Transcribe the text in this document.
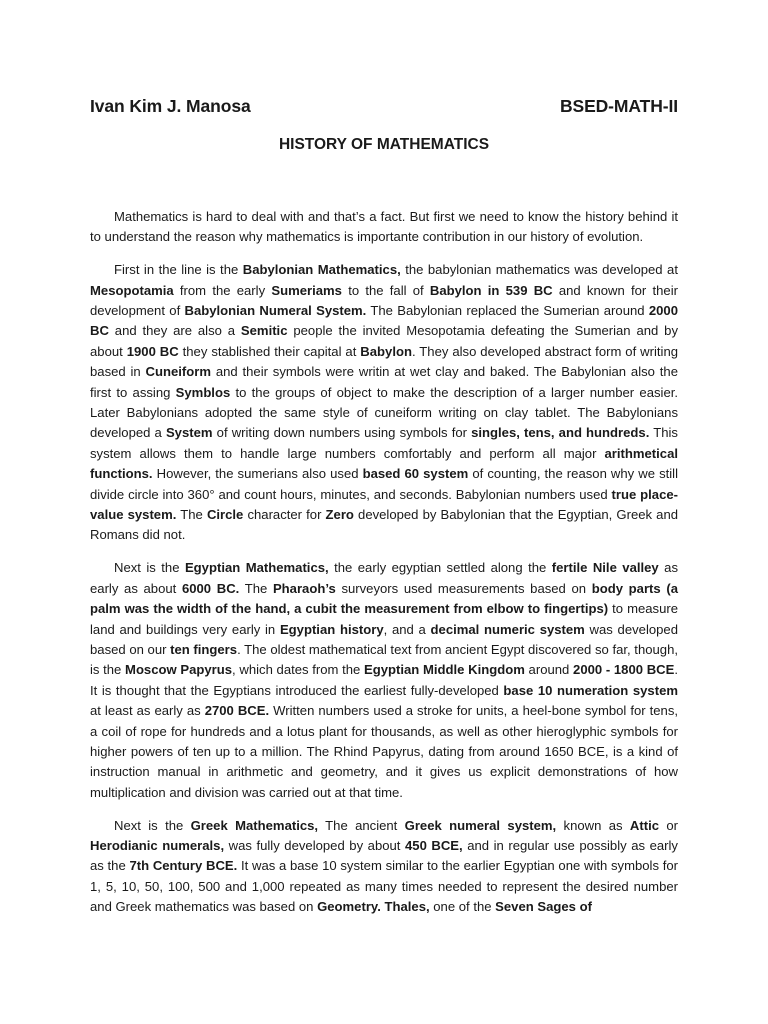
Ivan Kim J. Manosa	BSED-MATH-II
HISTORY OF MATHEMATICS

Mathematics is hard to deal with and that’s a fact. But first we need to know the history behind it to understand the reason why mathematics is importante contribution in our history of evolution.

First in the line is the Babylonian Mathematics, the babylonian mathematics was developed at Mesopotamia from the early Sumeriams to the fall of Babylon in 539 BC and known for their development of Babylonian Numeral System. The Babylonian replaced the Sumerian around 2000 BC and they are also a Semitic people the invited Mesopotamia defeating the Sumerian and by about 1900 BC they stablished their capital at Babylon. They also developed abstract form of writing based in Cuneiform and their symbols were writin at wet clay and baked. The Babylonian also the first to assing Symblos to the groups of object to make the description of a larger number easier. Later Babylonians adopted the same style of cuneiform writing on clay tablet. The Babylonians developed a System of writing down numbers using symbols for singles, tens, and hundreds. This system allows them to handle large numbers comfortably and perform all major arithmetical functions. However, the sumerians also used based 60 system of counting, the reason why we still divide circle into 360° and count hours, minutes, and seconds. Babylonian numbers used true place-value system. The Circle character for Zero developed by Babylonian that the Egyptian, Greek and Romans did not.

Next is the Egyptian Mathematics, the early egyptian settled along the fertile Nile valley as early as about 6000 BC. The Pharaoh’s surveyors used measurements based on body parts (a palm was the width of the hand, a cubit the measurement from elbow to fingertips) to measure land and buildings very early in Egyptian history, and a decimal numeric system was developed based on our ten fingers. The oldest mathematical text from ancient Egypt discovered so far, though, is the Moscow Papyrus, which dates from the Egyptian Middle Kingdom around 2000 - 1800 BCE. It is thought that the Egyptians introduced the earliest fully-developed base 10 numeration system at least as early as 2700 BCE. Written numbers used a stroke for units, a heel-bone symbol for tens, a coil of rope for hundreds and a lotus plant for thousands, as well as other hieroglyphic symbols for higher powers of ten up to a million. The Rhind Papyrus, dating from around 1650 BCE, is a kind of instruction manual in arithmetic and geometry, and it gives us explicit demonstrations of how multiplication and division was carried out at that time.

Next is the Greek Mathematics, The ancient Greek numeral system, known as Attic or Herodianic numerals, was fully developed by about 450 BCE, and in regular use possibly as early as the 7th Century BCE. It was a base 10 system similar to the earlier Egyptian one with symbols for 1, 5, 10, 50, 100, 500 and 1,000 repeated as many times needed to represent the desired number and Greek mathematics was based on Geometry. Thales, one of the Seven Sages of
